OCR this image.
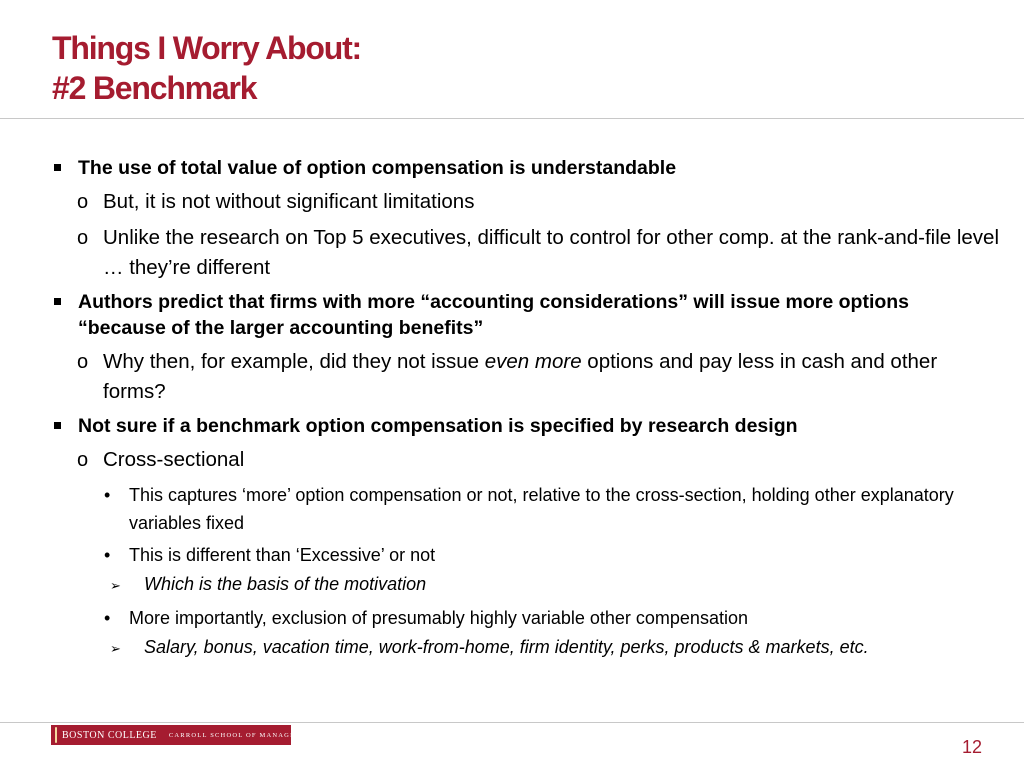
Things I Worry About:
#2 Benchmark
The use of total value of option compensation is understandable
o But, it is not without significant limitations
o Unlike the research on Top 5 executives, difficult to control for other comp. at the rank-and-file level … they’re different
Authors predict that firms with more “accounting considerations” will issue more options “because of the larger accounting benefits”
o Why then, for example, did they not issue even more options and pay less in cash and other forms?
Not sure if a benchmark option compensation is specified by research design
o Cross-sectional
• This captures ‘more’ option compensation or not, relative to the cross-section, holding other explanatory variables fixed
• This is different than ‘Excessive’ or not
➢ Which is the basis of the motivation
• More importantly, exclusion of presumably highly variable other compensation
➢ Salary, bonus, vacation time, work-from-home, firm identity, perks, products & markets, etc.
BOSTON COLLEGE CARROLL SCHOOL OF MANAGEMENT
12
